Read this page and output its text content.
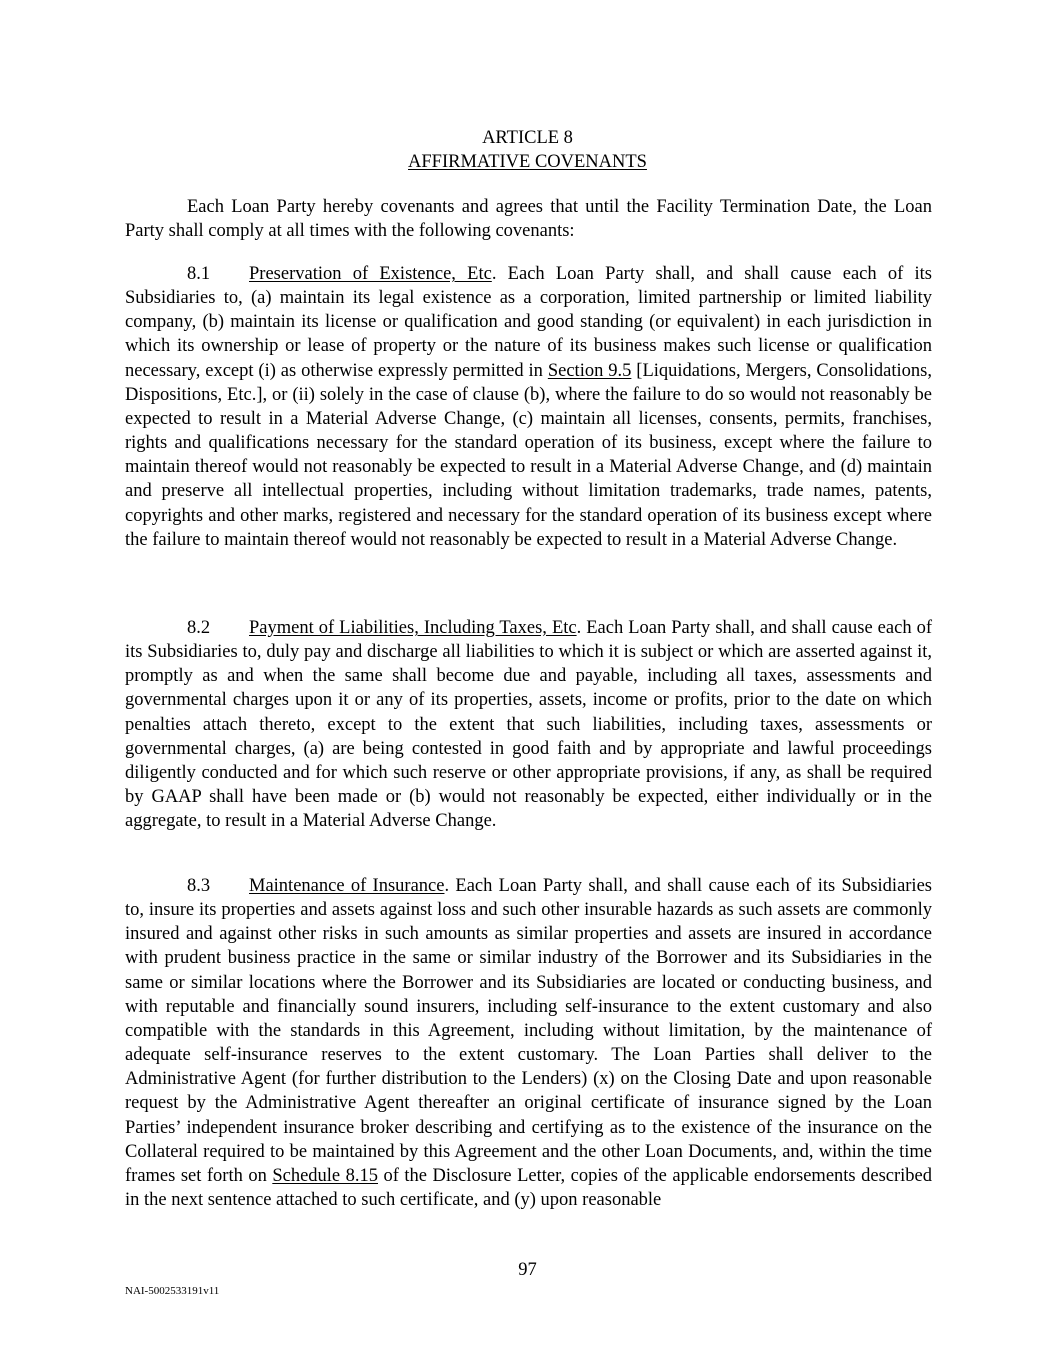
ARTICLE 8
AFFIRMATIVE COVENANTS
Each Loan Party hereby covenants and agrees that until the Facility Termination Date, the Loan Party shall comply at all times with the following covenants:
8.1 Preservation of Existence, Etc. Each Loan Party shall, and shall cause each of its Subsidiaries to, (a) maintain its legal existence as a corporation, limited partnership or limited liability company, (b) maintain its license or qualification and good standing (or equivalent) in each jurisdiction in which its ownership or lease of property or the nature of its business makes such license or qualification necessary, except (i) as otherwise expressly permitted in Section 9.5 [Liquidations, Mergers, Consolidations, Dispositions, Etc.], or (ii) solely in the case of clause (b), where the failure to do so would not reasonably be expected to result in a Material Adverse Change, (c) maintain all licenses, consents, permits, franchises, rights and qualifications necessary for the standard operation of its business, except where the failure to maintain thereof would not reasonably be expected to result in a Material Adverse Change, and (d) maintain and preserve all intellectual properties, including without limitation trademarks, trade names, patents, copyrights and other marks, registered and necessary for the standard operation of its business except where the failure to maintain thereof would not reasonably be expected to result in a Material Adverse Change.
8.2 Payment of Liabilities, Including Taxes, Etc. Each Loan Party shall, and shall cause each of its Subsidiaries to, duly pay and discharge all liabilities to which it is subject or which are asserted against it, promptly as and when the same shall become due and payable, including all taxes, assessments and governmental charges upon it or any of its properties, assets, income or profits, prior to the date on which penalties attach thereto, except to the extent that such liabilities, including taxes, assessments or governmental charges, (a) are being contested in good faith and by appropriate and lawful proceedings diligently conducted and for which such reserve or other appropriate provisions, if any, as shall be required by GAAP shall have been made or (b) would not reasonably be expected, either individually or in the aggregate, to result in a Material Adverse Change.
8.3 Maintenance of Insurance. Each Loan Party shall, and shall cause each of its Subsidiaries to, insure its properties and assets against loss and such other insurable hazards as such assets are commonly insured and against other risks in such amounts as similar properties and assets are insured in accordance with prudent business practice in the same or similar industry of the Borrower and its Subsidiaries in the same or similar locations where the Borrower and its Subsidiaries are located or conducting business, and with reputable and financially sound insurers, including self-insurance to the extent customary and also compatible with the standards in this Agreement, including without limitation, by the maintenance of adequate self-insurance reserves to the extent customary. The Loan Parties shall deliver to the Administrative Agent (for further distribution to the Lenders) (x) on the Closing Date and upon reasonable request by the Administrative Agent thereafter an original certificate of insurance signed by the Loan Parties’ independent insurance broker describing and certifying as to the existence of the insurance on the Collateral required to be maintained by this Agreement and the other Loan Documents, and, within the time frames set forth on Schedule 8.15 of the Disclosure Letter, copies of the applicable endorsements described in the next sentence attached to such certificate, and (y) upon reasonable
97
NAI-5002533191v11
